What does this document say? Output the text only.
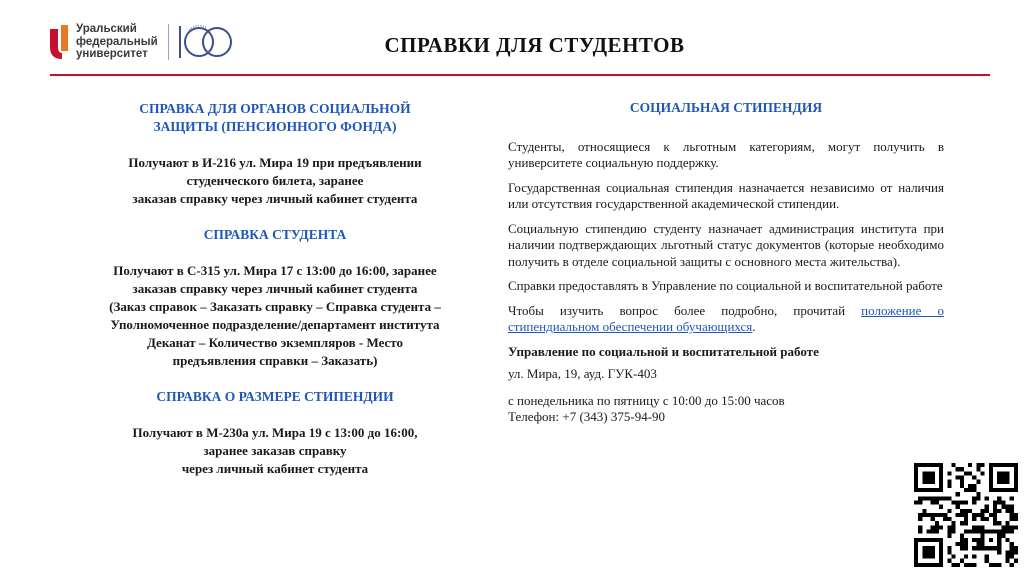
Уральский
федеральный
университет	СПРАВКИ ДЛЯ СТУДЕНТОВ

СПРАВКА ДЛЯ ОРГАНОВ СОЦИАЛЬНОЙ

ЗАЩИТЫ (ПЕНСИОННОГО ФОНДА)

Получают в И-216 ул. Мира 19 при предъявлении

студенческого билета, заранее

заказав справку через личный кабинет студента

СПРАВКА СТУДЕНТА

Получают в С-315 ул. Мира 17 с 13:00 до 16:00, заранее

заказав справку через личный кабинет студента

(Заказ справок – Заказать справку – Справка студента –

Уполномоченное подразделение/департамент института

Деканат – Количество экземпляров - Место

предъявления справки – Заказать)

СПРАВКА О РАЗМЕРЕ СТИПЕНДИИ

Получают в М-230а ул. Мира 19 с 13:00 до 16:00,

заранее заказав справку

через личный кабинет студента

СОЦИАЛЬНАЯ СТИПЕНДИЯ

Студенты, относящиеся к льготным категориям, могут получить в университете социальную поддержку.

Государственная социальная стипендия назначается независимо от наличия или отсутствия государственной академической стипендии.

Социальную стипендию студенту назначает администрация института при наличии подтверждающих льготный статус документов (которые необходимо получить в отделе социальной защиты с основного места жительства).

Справки предоставлять в Управление по социальной и воспитательной работе

Чтобы изучить вопрос более подробно, прочитай положение о стипендиальном обеспечении обучающихся.

Управление по социальной и воспитательной работе

ул. Мира, 19, ауд. ГУК-403

с понедельника по пятницу с 10:00 до 15:00 часов

Телефон: +7 (343) 375-94-90
